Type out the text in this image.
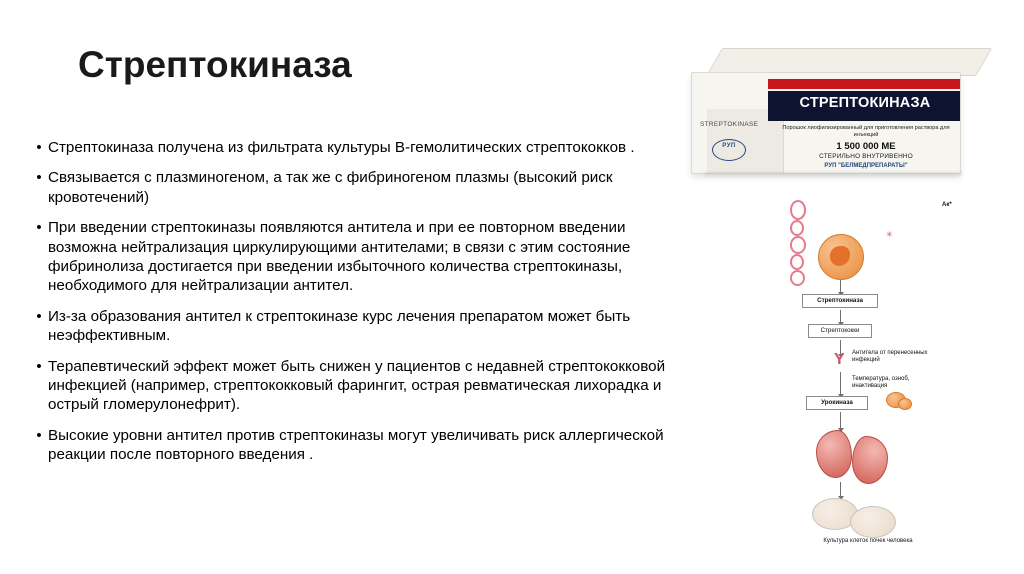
Стрептокиназа
• Стрептокиназа получена из фильтрата культуры В-гемолитических стрептококков .
• Связывается с плазминогеном, а так же с фибриногеном плазмы (высокий риск кровотечений)
• При введении стрептокиназы появляются антитела и при ее повторном введении возможна нейтрализация циркулирующими антителами; в связи с этим состояние фибринолиза достигается при введении избыточного количества стрептокиназы, необходимого для нейтрализации антител.
• Из-за образования антител к стрептокиназе курс лечения препаратом может быть неэффективным.
• Терапевтический эффект может быть снижен у пациентов с недавней стрептококковой инфекцией (например, стрептококковый фарингит, острая ревматическая лихорадка и острый гломерулонефрит).
• Высокие уровни антител против стрептокиназы могут увеличивать риск аллергической реакции после повторного введения .
STREPTOKINASE
РУП
СТРЕПТОКИНАЗА
Порошок лиофилизированный для приготовления раствора для инъекций
1 500 000 МЕ
СТЕРИЛЬНО ВНУТРИВЕННО
РУП "БЕЛМЕДПРЕПАРАТЫ"
Ак*
✳
Стрептокиназа
Стрептококки
Y Антитела от перенесенных инфекций
Температура, озноб, инактивация
Урокиназа
Культура клеток почек человека
